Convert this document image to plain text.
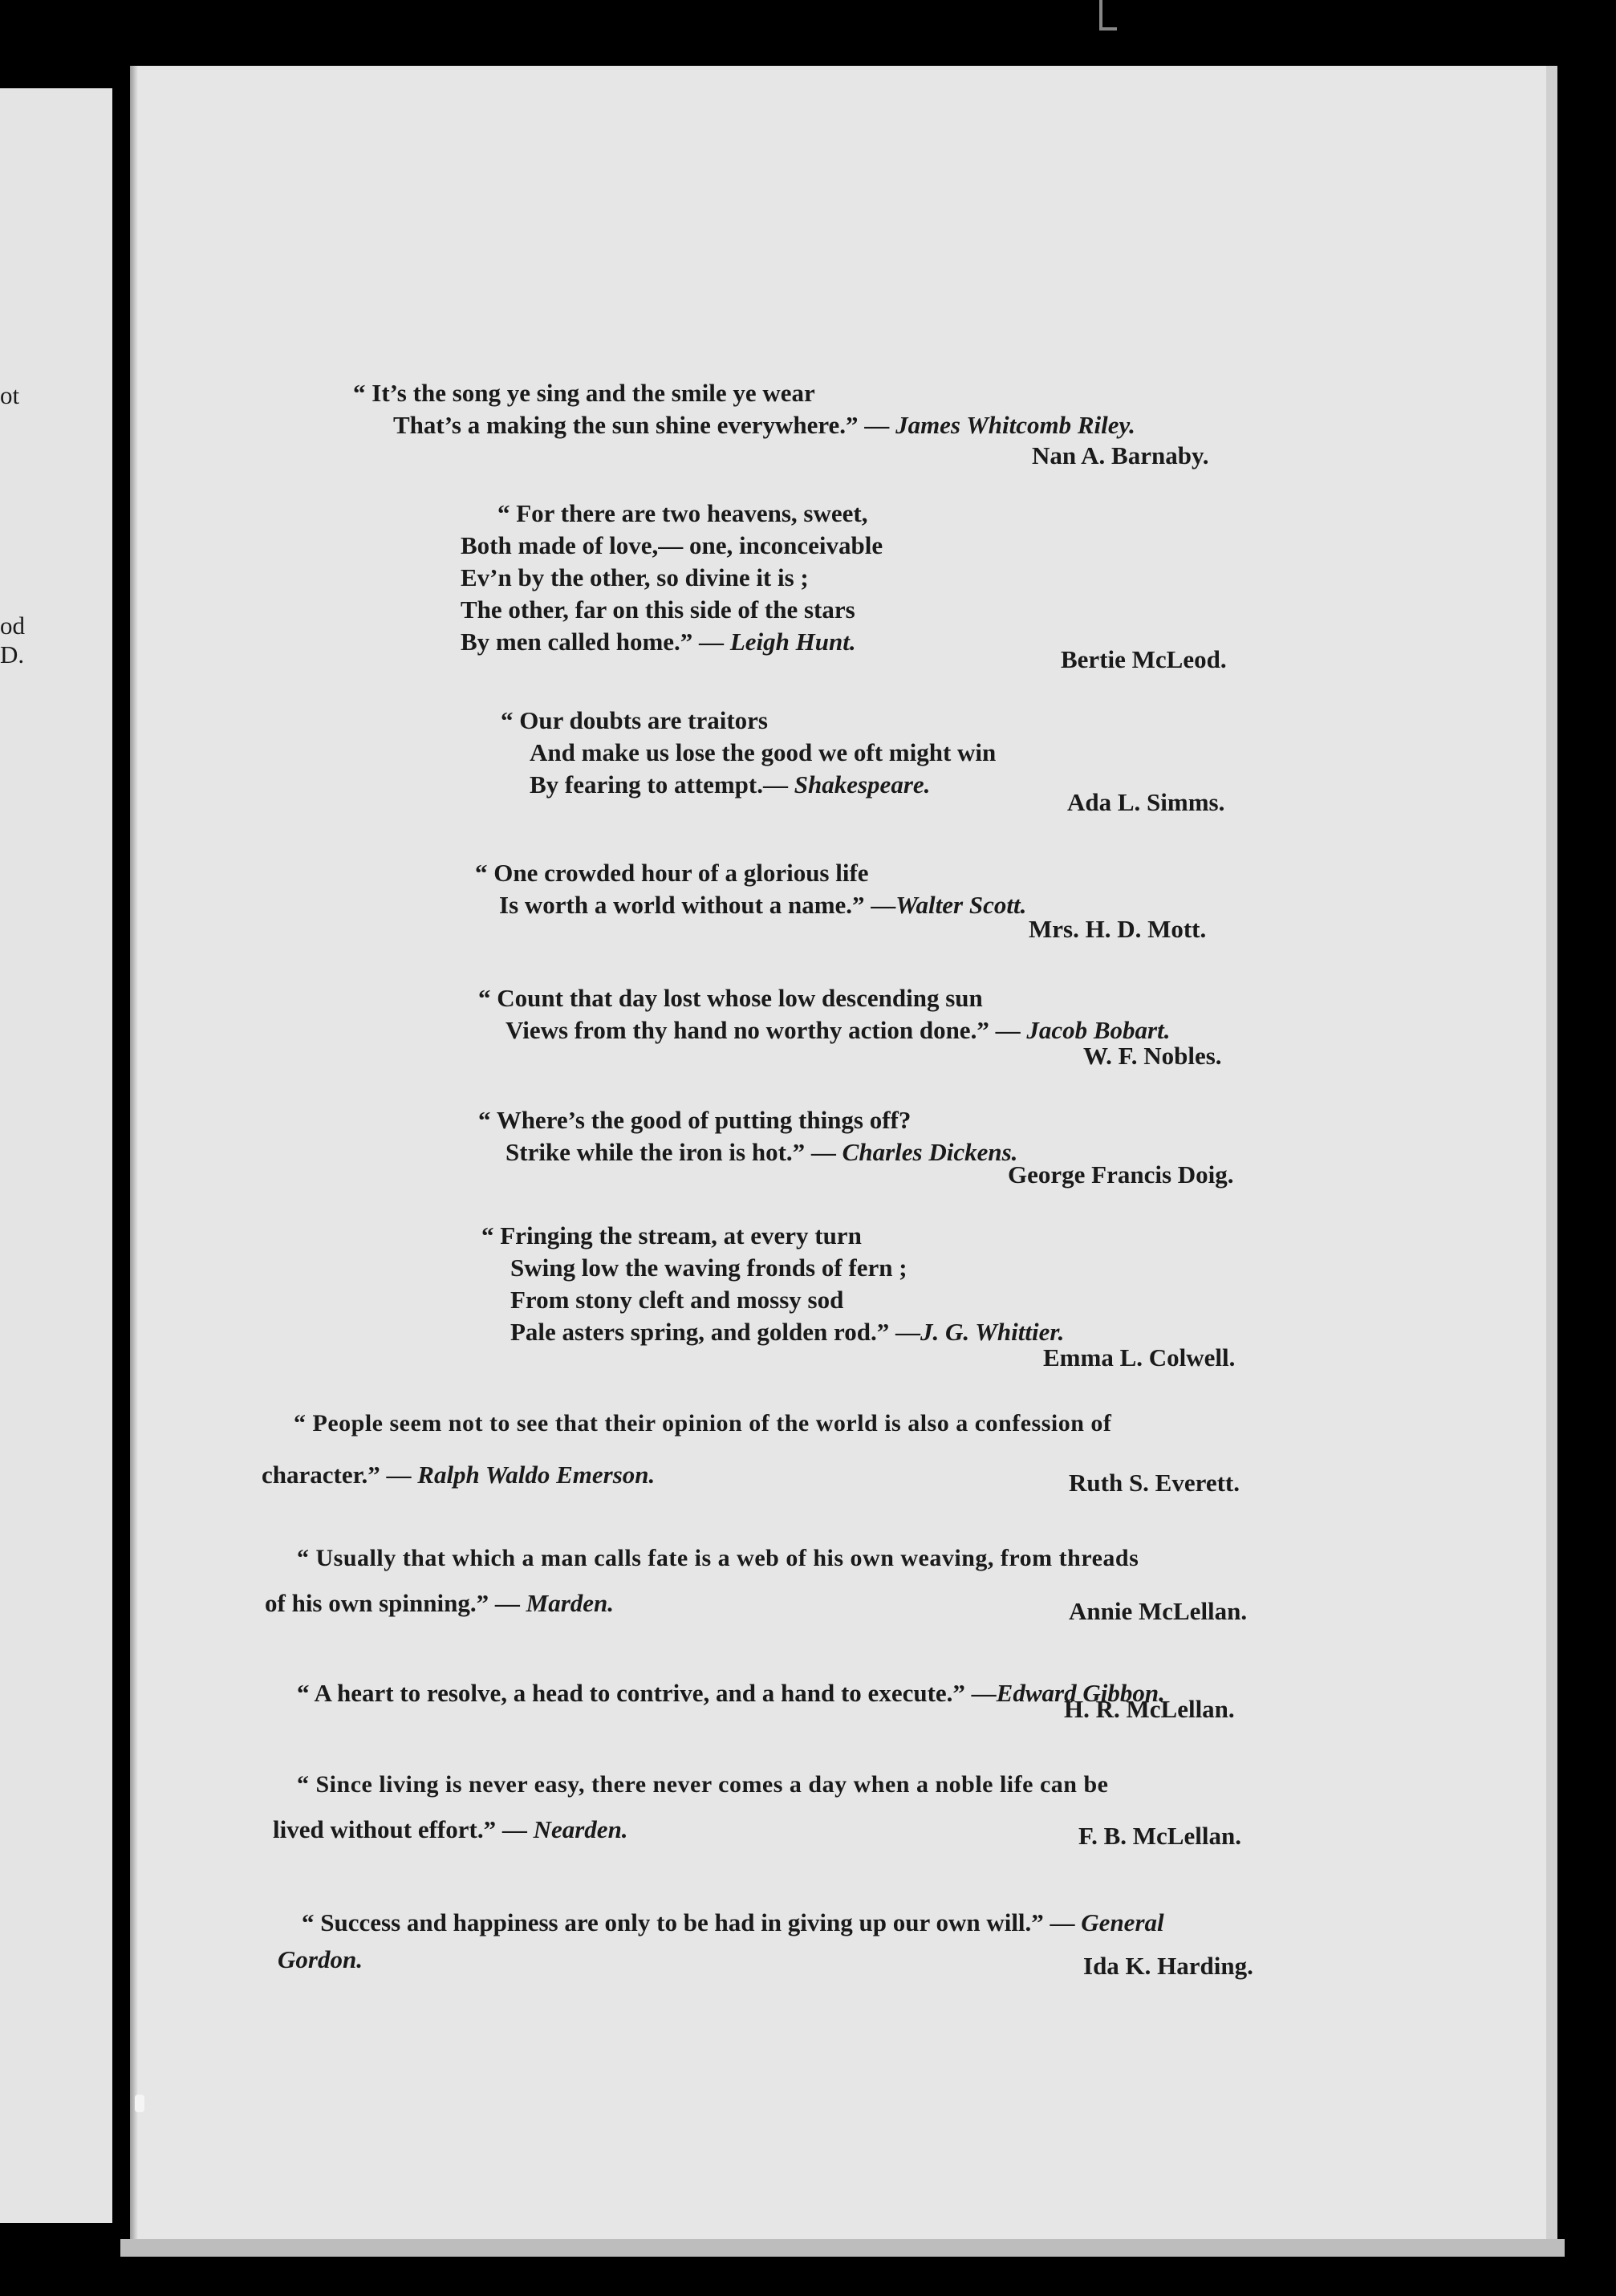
ot
od
D.
“ It’s the song ye sing and the smile ye wear
That’s a making the sun shine everywhere.” — James Whitcomb Riley.
Nan A. Barnaby.
“ For there are two heavens, sweet,
Both made of love,— one, inconceivable
Ev’n by the other, so divine it is ;
The other, far on this side of the stars
By men called home.” — Leigh Hunt.
Bertie McLeod.
“ Our doubts are traitors
And make us lose the good we oft might win
By fearing to attempt.— Shakespeare.
Ada L. Simms.
“ One crowded hour of a glorious life
Is worth a world without a name.” —Walter Scott.
Mrs. H. D. Mott.
“ Count that day lost whose low descending sun
Views from thy hand no worthy action done.” — Jacob Bobart.
W. F. Nobles.
“ Where’s the good of putting things off?
Strike while the iron is hot.” — Charles Dickens.
George Francis Doig.
“ Fringing the stream, at every turn
Swing low the waving fronds of fern ;
From stony cleft and mossy sod
Pale asters spring, and golden rod.” —J. G. Whittier.
Emma L. Colwell.
“ People seem not to see that their opinion of the world is also a confession of
character.” — Ralph Waldo Emerson.	Ruth S. Everett.
“ Usually that which a man calls fate is a web of his own weaving, from threads
of his own spinning.” — Marden.	Annie McLellan.
“ A heart to resolve, a head to contrive, and a hand to execute.” —Edward Gibbon.
H. R. McLellan.
“ Since living is never easy, there never comes a day when a noble life can be
lived without effort.” — Nearden.	F. B. McLellan.
“ Success and happiness are only to be had in giving up our own will.” — General
Gordon.	Ida K. Harding.
